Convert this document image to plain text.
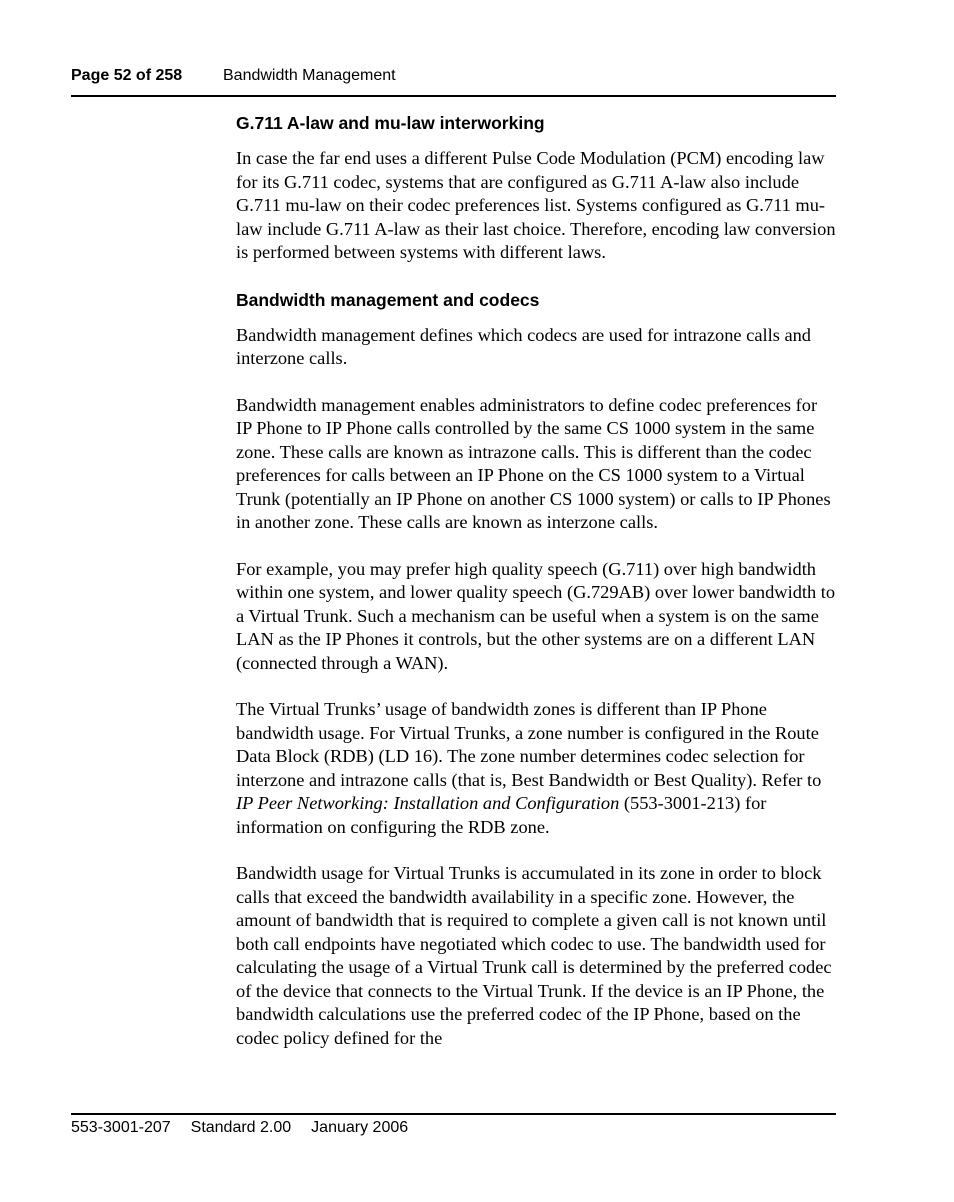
Page 52 of 258	Bandwidth Management
G.711 A-law and mu-law interworking

In case the far end uses a different Pulse Code Modulation (PCM) encoding law for its G.711 codec, systems that are configured as G.711 A-law also include G.711 mu-law on their codec preferences list. Systems configured as G.711 mu-law include G.711 A-law as their last choice. Therefore, encoding law conversion is performed between systems with different laws.

Bandwidth management and codecs

Bandwidth management defines which codecs are used for intrazone calls and interzone calls.

Bandwidth management enables administrators to define codec preferences for IP Phone to IP Phone calls controlled by the same CS 1000 system in the same zone. These calls are known as intrazone calls. This is different than the codec preferences for calls between an IP Phone on the CS 1000 system to a Virtual Trunk (potentially an IP Phone on another CS 1000 system) or calls to IP Phones in another zone. These calls are known as interzone calls.

For example, you may prefer high quality speech (G.711) over high bandwidth within one system, and lower quality speech (G.729AB) over lower bandwidth to a Virtual Trunk. Such a mechanism can be useful when a system is on the same LAN as the IP Phones it controls, but the other systems are on a different LAN (connected through a WAN).

The Virtual Trunks’ usage of bandwidth zones is different than IP Phone bandwidth usage. For Virtual Trunks, a zone number is configured in the Route Data Block (RDB) (LD 16). The zone number determines codec selection for interzone and intrazone calls (that is, Best Bandwidth or Best Quality). Refer to IP Peer Networking: Installation and Configuration (553-3001-213) for information on configuring the RDB zone.

Bandwidth usage for Virtual Trunks is accumulated in its zone in order to block calls that exceed the bandwidth availability in a specific zone. However, the amount of bandwidth that is required to complete a given call is not known until both call endpoints have negotiated which codec to use. The bandwidth used for calculating the usage of a Virtual Trunk call is determined by the preferred codec of the device that connects to the Virtual Trunk. If the device is an IP Phone, the bandwidth calculations use the preferred codec of the IP Phone, based on the codec policy defined for the

553-3001-207 Standard 2.00 January 2006
